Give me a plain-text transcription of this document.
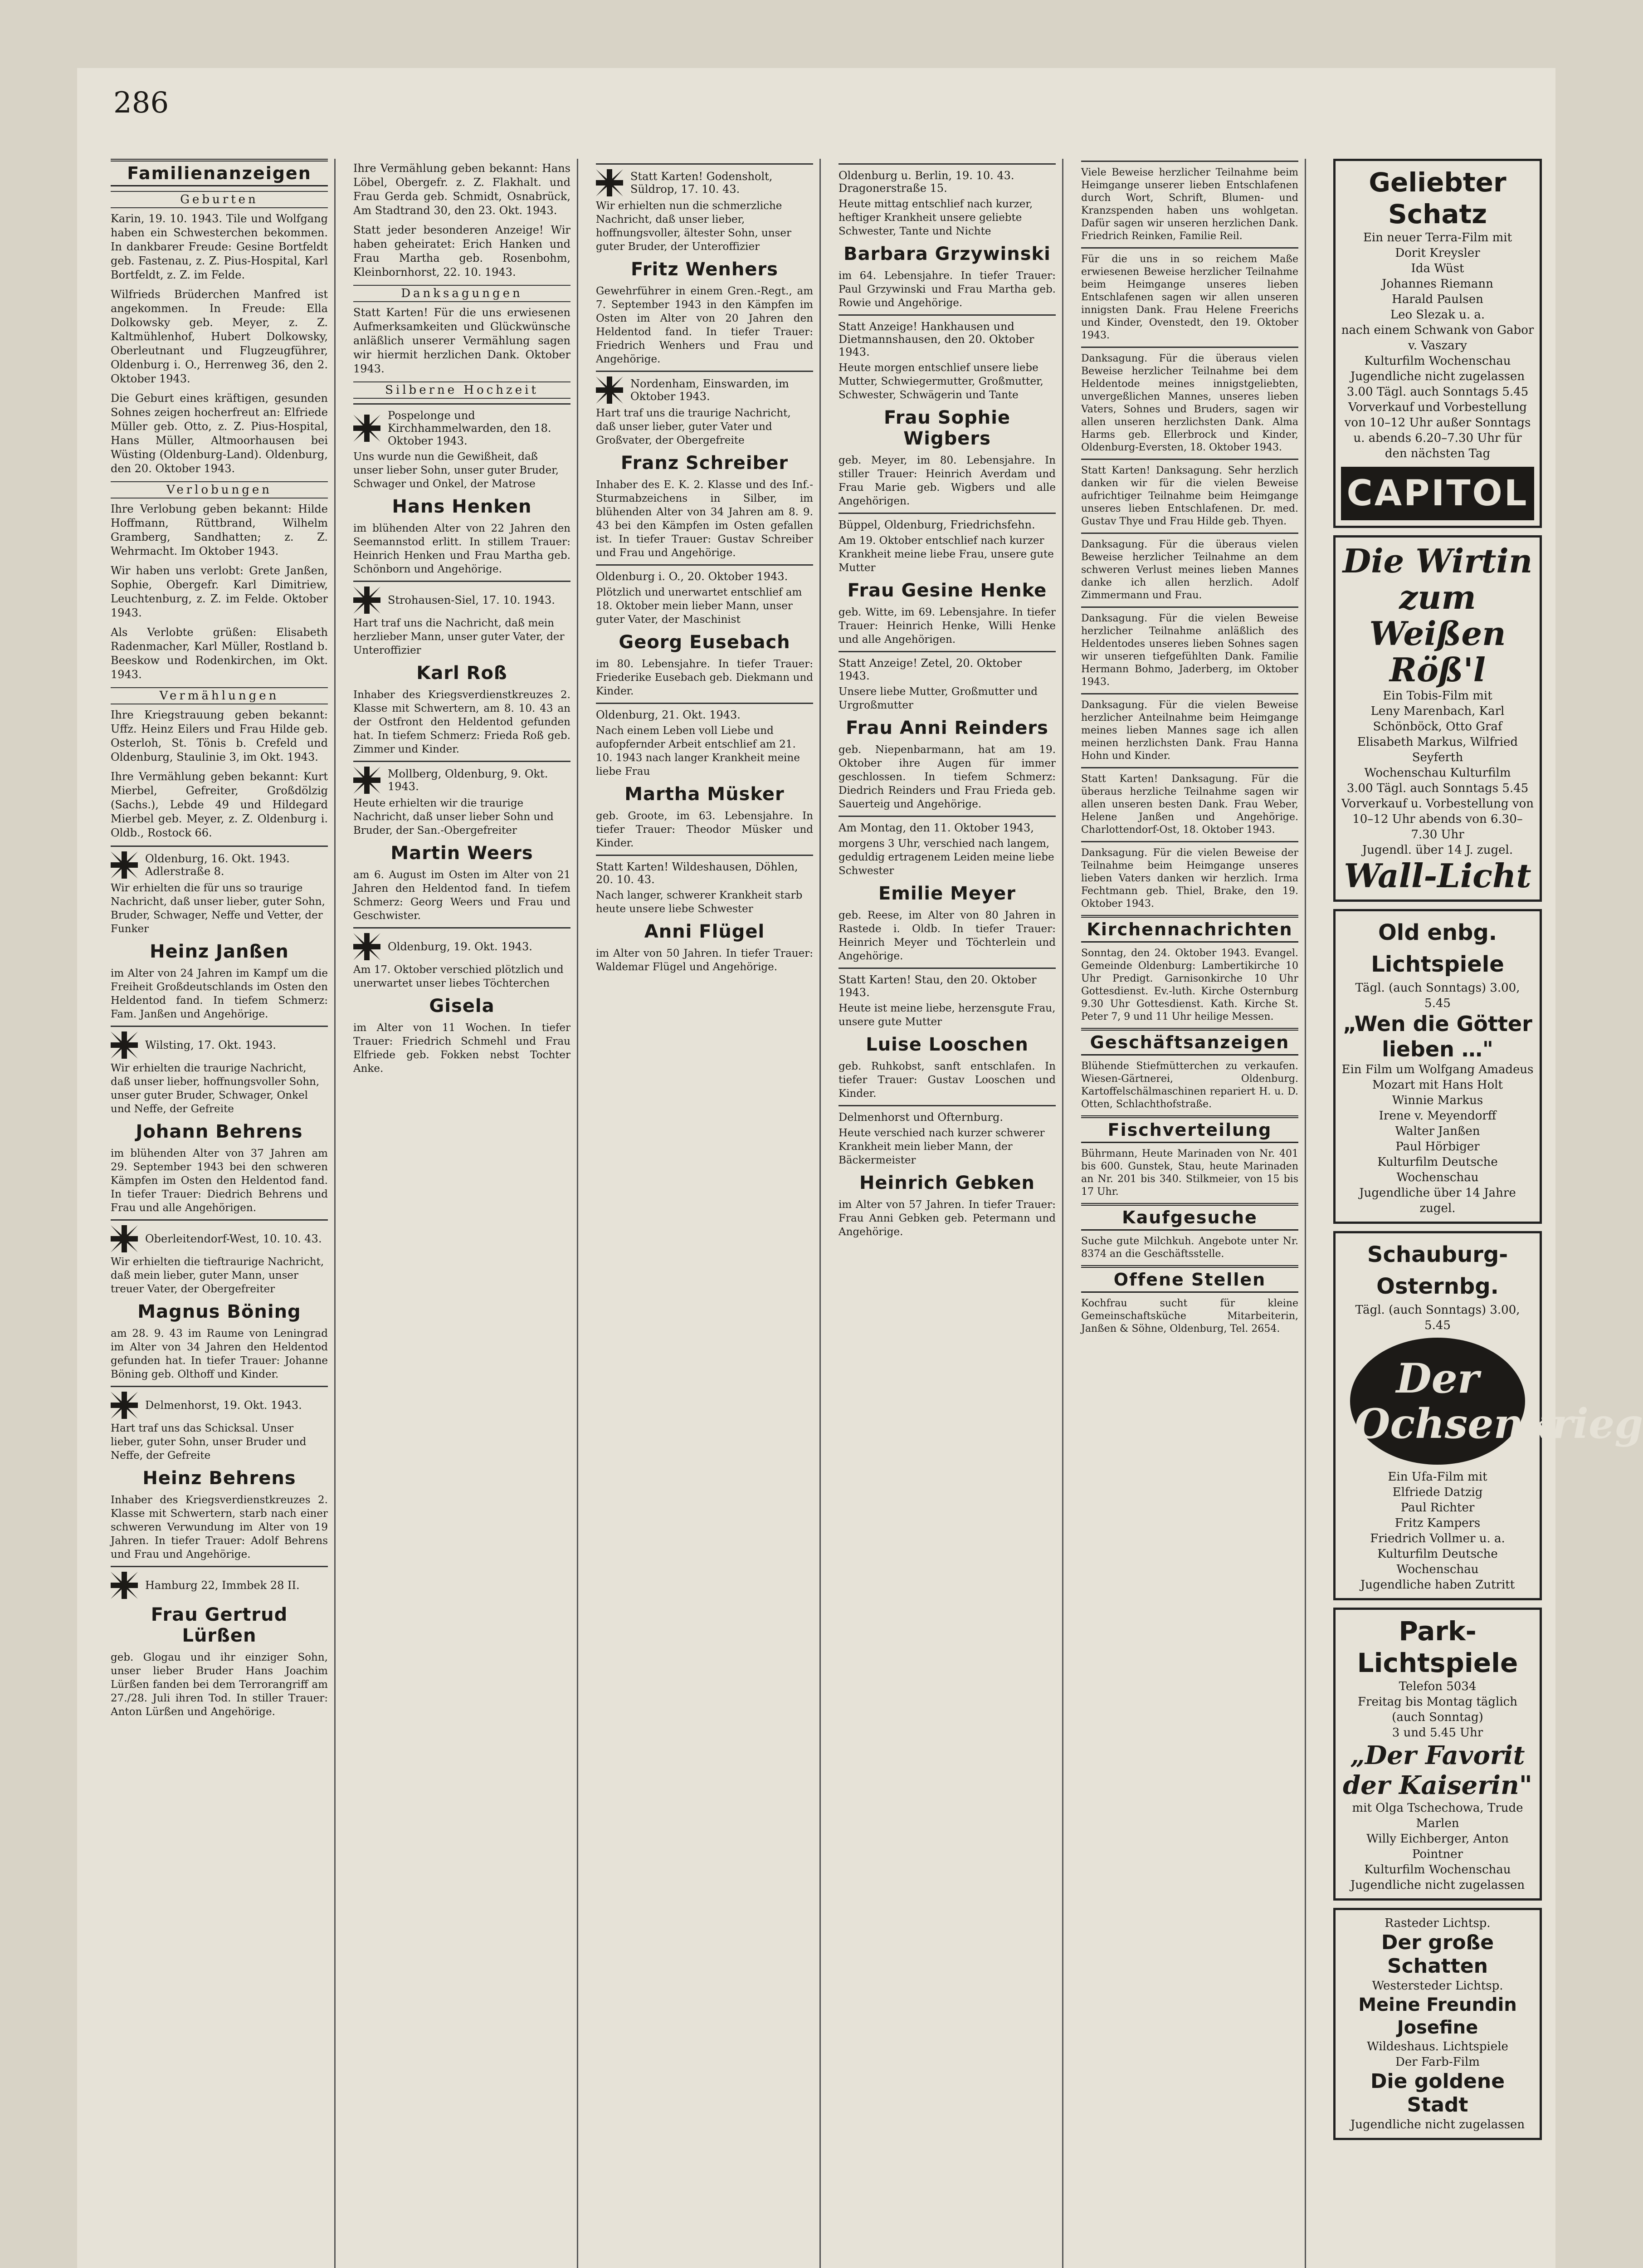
286
Familienanzeigen
Geburten

Karin, 19. 10. 1943. Tile und Wolfgang haben ein Schwesterchen bekommen. In dankbarer Freude: Gesine Bortfeldt geb. Fastenau, z. Z. Pius-Hospital, Karl Bortfeldt, z. Z. im Felde.

Wilfrieds Brüderchen Manfred ist angekommen. In Freude: Ella Dolkowsky geb. Meyer, z. Z. Kaltmühlenhof, Hubert Dolkowsky, Oberleutnant und Flugzeugführer, Oldenburg i. O., Herrenweg 36, den 2. Oktober 1943.

Die Geburt eines kräftigen, gesunden Sohnes zeigen hocherfreut an: Elfriede Müller geb. Otto, z. Z. Pius-Hospital, Hans Müller, Altmoorhausen bei Wüsting (Oldenburg-Land). Oldenburg, den 20. Oktober 1943.

Verlobungen

Ihre Verlobung geben bekannt: Hilde Hoffmann, Rüttbrand, Wilhelm Gramberg, Sandhatten; z. Z. Wehrmacht. Im Oktober 1943.

Wir haben uns verlobt: Grete Janßen, Sophie, Obergefr. Karl Dimitriew, Leuchtenburg, z. Z. im Felde. Oktober 1943.

Als Verlobte grüßen: Elisabeth Radenmacher, Karl Müller, Rostland b. Beeskow und Rodenkirchen, im Okt. 1943.

Vermählungen

Ihre Kriegstrauung geben bekannt: Uffz. Heinz Eilers und Frau Hilde geb. Osterloh, St. Tönis b. Crefeld und Oldenburg, Staulinie 3, im Okt. 1943.

Ihre Vermählung geben bekannt: Kurt Mierbel, Gefreiter, Großdölzig (Sachs.), Lebde 49 und Hildegard Mierbel geb. Meyer, z. Z. Oldenburg i. Oldb., Rostock 66.

Oldenburg, 16. Okt. 1943. Adlerstraße 8.
Wir erhielten die für uns so traurige Nachricht, daß unser lieber, guter Sohn, Bruder, Schwager, Neffe und Vetter, der Funker
Heinz Janßen
im Alter von 24 Jahren im Kampf um die Freiheit Großdeutschlands im Osten den Heldentod fand. In tiefem Schmerz: Fam. Janßen und Angehörige.
Wilsting, 17. Okt. 1943.
Wir erhielten die traurige Nachricht, daß unser lieber, hoffnungsvoller Sohn, unser guter Bruder, Schwager, Onkel und Neffe, der Gefreite
Johann Behrens
im blühenden Alter von 37 Jahren am 29. September 1943 bei den schweren Kämpfen im Osten den Heldentod fand. In tiefer Trauer: Diedrich Behrens und Frau und alle Angehörigen.
Oberleitendorf-West, 10. 10. 43.
Wir erhielten die tieftraurige Nachricht, daß mein lieber, guter Mann, unser treuer Vater, der Obergefreiter
Magnus Böning
am 28. 9. 43 im Raume von Leningrad im Alter von 34 Jahren den Heldentod gefunden hat. In tiefer Trauer: Johanne Böning geb. Olthoff und Kinder.
Delmenhorst, 19. Okt. 1943.
Hart traf uns das Schicksal. Unser lieber, guter Sohn, unser Bruder und Neffe, der Gefreite
Heinz Behrens
Inhaber des Kriegsverdienstkreuzes 2. Klasse mit Schwertern, starb nach einer schweren Verwundung im Alter von 19 Jahren. In tiefer Trauer: Adolf Behrens und Frau und Angehörige.
Hamburg 22, Immbek 28 II.
Frau Gertrud Lürßen
geb. Glogau und ihr einziger Sohn, unser lieber Bruder Hans Joachim Lürßen fanden bei dem Terrorangriff am 27./28. Juli ihren Tod. In stiller Trauer: Anton Lürßen und Angehörige.

Ihre Vermählung geben bekannt: Hans Löbel, Obergefr. z. Z. Flakhalt. und Frau Gerda geb. Schmidt, Osnabrück, Am Stadtrand 30, den 23. Okt. 1943.

Statt jeder besonderen Anzeige! Wir haben geheiratet: Erich Hanken und Frau Martha geb. Rosenbohm, Kleinbornhorst, 22. 10. 1943.

Danksagungen

Statt Karten! Für die uns erwiesenen Aufmerksamkeiten und Glückwünsche anläßlich unserer Vermählung sagen wir hiermit herzlichen Dank. Oktober 1943.

Silberne Hochzeit
Pospelonge und Kirchhammelwarden, den 18. Oktober 1943.
Uns wurde nun die Gewißheit, daß unser lieber Sohn, unser guter Bruder, Schwager und Onkel, der Matrose
Hans Henken
im blühenden Alter von 22 Jahren den Seemannstod erlitt. In stillem Trauer: Heinrich Henken und Frau Martha geb. Schönborn und Angehörige.
Strohausen-Siel, 17. 10. 1943.
Hart traf uns die Nachricht, daß mein herzlieber Mann, unser guter Vater, der Unteroffizier
Karl Roß
Inhaber des Kriegsverdienstkreuzes 2. Klasse mit Schwertern, am 8. 10. 43 an der Ostfront den Heldentod gefunden hat. In tiefem Schmerz: Frieda Roß geb. Zimmer und Kinder.
Mollberg, Oldenburg, 9. Okt. 1943.
Heute erhielten wir die traurige Nachricht, daß unser lieber Sohn und Bruder, der San.-Obergefreiter
Martin Weers
am 6. August im Osten im Alter von 21 Jahren den Heldentod fand. In tiefem Schmerz: Georg Weers und Frau und Geschwister.
Oldenburg, 19. Okt. 1943.
Am 17. Oktober verschied plötzlich und unerwartet unser liebes Töchterchen
Gisela
im Alter von 11 Wochen. In tiefer Trauer: Friedrich Schmehl und Frau Elfriede geb. Fokken nebst Tochter Anke.
Statt Karten! Godensholt, Süldrop, 17. 10. 43.
Wir erhielten nun die schmerzliche Nachricht, daß unser lieber, hoffnungsvoller, ältester Sohn, unser guter Bruder, der Unteroffizier
Fritz Wenhers
Gewehrführer in einem Gren.-Regt., am 7. September 1943 in den Kämpfen im Osten im Alter von 20 Jahren den Heldentod fand. In tiefer Trauer: Friedrich Wenhers und Frau und Angehörige.
Nordenham, Einswarden, im Oktober 1943.
Hart traf uns die traurige Nachricht, daß unser lieber, guter Vater und Großvater, der Obergefreite
Franz Schreiber
Inhaber des E. K. 2. Klasse und des Inf.-Sturmabzeichens in Silber, im blühenden Alter von 34 Jahren am 8. 9. 43 bei den Kämpfen im Osten gefallen ist. In tiefer Trauer: Gustav Schreiber und Frau und Angehörige.
Oldenburg i. O., 20. Oktober 1943.
Plötzlich und unerwartet entschlief am 18. Oktober mein lieber Mann, unser guter Vater, der Maschinist
Georg Eusebach
im 80. Lebensjahre. In tiefer Trauer: Friederike Eusebach geb. Diekmann und Kinder.
Oldenburg, 21. Okt. 1943.
Nach einem Leben voll Liebe und aufopfernder Arbeit entschlief am 21. 10. 1943 nach langer Krankheit meine liebe Frau
Martha Müsker
geb. Groote, im 63. Lebensjahre. In tiefer Trauer: Theodor Müsker und Kinder.
Statt Karten! Wildeshausen, Döhlen, 20. 10. 43.
Nach langer, schwerer Krankheit starb heute unsere liebe Schwester
Anni Flügel
im Alter von 50 Jahren. In tiefer Trauer: Waldemar Flügel und Angehörige.
Oldenburg u. Berlin, 19. 10. 43. Dragonerstraße 15.
Heute mittag entschlief nach kurzer, heftiger Krankheit unsere geliebte Schwester, Tante und Nichte
Barbara Grzywinski
im 64. Lebensjahre. In tiefer Trauer: Paul Grzywinski und Frau Martha geb. Rowie und Angehörige.
Statt Anzeige! Hankhausen und Dietmannshausen, den 20. Oktober 1943.
Heute morgen entschlief unsere liebe Mutter, Schwiegermutter, Großmutter, Schwester, Schwägerin und Tante
Frau Sophie Wigbers
geb. Meyer, im 80. Lebensjahre. In stiller Trauer: Heinrich Averdam und Frau Marie geb. Wigbers und alle Angehörigen.
Büppel, Oldenburg, Friedrichsfehn.
Am 19. Oktober entschlief nach kurzer Krankheit meine liebe Frau, unsere gute Mutter
Frau Gesine Henke
geb. Witte, im 69. Lebensjahre. In tiefer Trauer: Heinrich Henke, Willi Henke und alle Angehörigen.
Statt Anzeige! Zetel, 20. Oktober 1943.
Unsere liebe Mutter, Großmutter und Urgroßmutter
Frau Anni Reinders
geb. Niepenbarmann, hat am 19. Oktober ihre Augen für immer geschlossen. In tiefem Schmerz: Diedrich Reinders und Frau Frieda geb. Sauerteig und Angehörige.
Am Montag, den 11. Oktober 1943,
morgens 3 Uhr, verschied nach langem, geduldig ertragenem Leiden meine liebe Schwester
Emilie Meyer
geb. Reese, im Alter von 80 Jahren in Rastede i. Oldb. In tiefer Trauer: Heinrich Meyer und Töchterlein und Angehörige.
Statt Karten! Stau, den 20. Oktober 1943.
Heute ist meine liebe, herzensgute Frau, unsere gute Mutter
Luise Looschen
geb. Ruhkobst, sanft entschlafen. In tiefer Trauer: Gustav Looschen und Kinder.
Delmenhorst und Ofternburg.
Heute verschied nach kurzer schwerer Krankheit mein lieber Mann, der Bäckermeister
Heinrich Gebken
im Alter von 57 Jahren. In tiefer Trauer: Frau Anni Gebken geb. Petermann und Angehörige.

Viele Beweise herzlicher Teilnahme beim Heimgange unserer lieben Entschlafenen durch Wort, Schrift, Blumen- und Kranzspenden haben uns wohlgetan. Dafür sagen wir unseren herzlichen Dank. Friedrich Reinken, Familie Reil.

Für die uns in so reichem Maße erwiesenen Beweise herzlicher Teilnahme beim Heimgange unseres lieben Entschlafenen sagen wir allen unseren innigsten Dank. Frau Helene Freerichs und Kinder, Ovenstedt, den 19. Oktober 1943.

Danksagung. Für die überaus vielen Beweise herzlicher Teilnahme bei dem Heldentode meines innigstgeliebten, unvergeßlichen Mannes, unseres lieben Vaters, Sohnes und Bruders, sagen wir allen unseren herzlichsten Dank. Alma Harms geb. Ellerbrock und Kinder, Oldenburg-Eversten, 18. Oktober 1943.

Statt Karten! Danksagung. Sehr herzlich danken wir für die vielen Beweise aufrichtiger Teilnahme beim Heimgange unseres lieben Entschlafenen. Dr. med. Gustav Thye und Frau Hilde geb. Thyen.

Danksagung. Für die überaus vielen Beweise herzlicher Teilnahme an dem schweren Verlust meines lieben Mannes danke ich allen herzlich. Adolf Zimmermann und Frau.

Danksagung. Für die vielen Beweise herzlicher Teilnahme anläßlich des Heldentodes unseres lieben Sohnes sagen wir unseren tiefgefühlten Dank. Familie Hermann Bohmo, Jaderberg, im Oktober 1943.

Danksagung. Für die vielen Beweise herzlicher Anteilnahme beim Heimgange meines lieben Mannes sage ich allen meinen herzlichsten Dank. Frau Hanna Hohn und Kinder.

Statt Karten! Danksagung. Für die überaus herzliche Teilnahme sagen wir allen unseren besten Dank. Frau Weber, Helene Janßen und Angehörige. Charlottendorf-Ost, 18. Oktober 1943.

Danksagung. Für die vielen Beweise der Teilnahme beim Heimgange unseres lieben Vaters danken wir herzlich. Irma Fechtmann geb. Thiel, Brake, den 19. Oktober 1943.

Kirchennachrichten

Sonntag, den 24. Oktober 1943. Evangel. Gemeinde Oldenburg: Lambertikirche 10 Uhr Predigt. Garnisonkirche 10 Uhr Gottesdienst. Ev.-luth. Kirche Osternburg 9.30 Uhr Gottesdienst. Kath. Kirche St. Peter 7, 9 und 11 Uhr heilige Messen.

Geschäftsanzeigen

Blühende Stiefmütterchen zu verkaufen. Wiesen-Gärtnerei, Oldenburg. Kartoffelschälmaschinen repariert H. u. D. Otten, Schlachthofstraße.

Fischverteilung

Bührmann, Heute Marinaden von Nr. 401 bis 600. Gunstek, Stau, heute Marinaden an Nr. 201 bis 340. Stilkmeier, von 15 bis 17 Uhr.

Kaufgesuche

Suche gute Milchkuh. Angebote unter Nr. 8374 an die Geschäftsstelle.

Offene Stellen

Kochfrau sucht für kleine Gemeinschaftsküche Mitarbeiterin, Janßen & Söhne, Oldenburg, Tel. 2654.

Geliebter Schatz
Ein neuer Terra-Film mit
Dorit Kreysler
Ida Wüst
Johannes Riemann
Harald Paulsen
Leo Slezak u. a.
nach einem Schwank von Gabor v. Vaszary
Kulturfilm Wochenschau
Jugendliche nicht zugelassen
3.00 Tägl. auch Sonntags 5.45
Vorverkauf und Vorbestellung von 10–12 Uhr außer Sonntags u. abends 6.20–7.30 Uhr für den nächsten Tag
CAPITOL
Die Wirtin zum Weißen Röß'l
Ein Tobis-Film mit
Leny Marenbach, Karl Schönböck, Otto Graf
Elisabeth Markus, Wilfried Seyferth
Wochenschau Kulturfilm
3.00 Tägl. auch Sonntags 5.45
Vorverkauf u. Vorbestellung von 10–12 Uhr abends von 6.30–7.30 Uhr
Jugendl. über 14 J. zugel.
Wall-Licht
Old enbg. Lichtspiele
Tägl. (auch Sonntags) 3.00, 5.45
„Wen die Götter lieben …"
Ein Film um Wolfgang Amadeus Mozart mit Hans Holt
Winnie Markus
Irene v. Meyendorff
Walter Janßen
Paul Hörbiger
Kulturfilm Deutsche Wochenschau
Jugendliche über 14 Jahre zugel.
Schauburg-Osternbg.
Tägl. (auch Sonntags) 3.00, 5.45
Der Ochsenkrieg
Ein Ufa-Film mit
Elfriede Datzig
Paul Richter
Fritz Kampers
Friedrich Vollmer u. a.
Kulturfilm Deutsche Wochenschau
Jugendliche haben Zutritt
Park-Lichtspiele
Telefon 5034
Freitag bis Montag täglich (auch Sonntag)
3 und 5.45 Uhr
„Der Favorit der Kaiserin"
mit Olga Tschechowa, Trude Marlen
Willy Eichberger, Anton Pointner
Kulturfilm Wochenschau
Jugendliche nicht zugelassen
Rasteder Lichtsp.
Der große Schatten
Westersteder Lichtsp.
Meine Freundin Josefine
Wildeshaus. Lichtspiele
Der Farb-Film
Die goldene Stadt
Jugendliche nicht zugelassen
